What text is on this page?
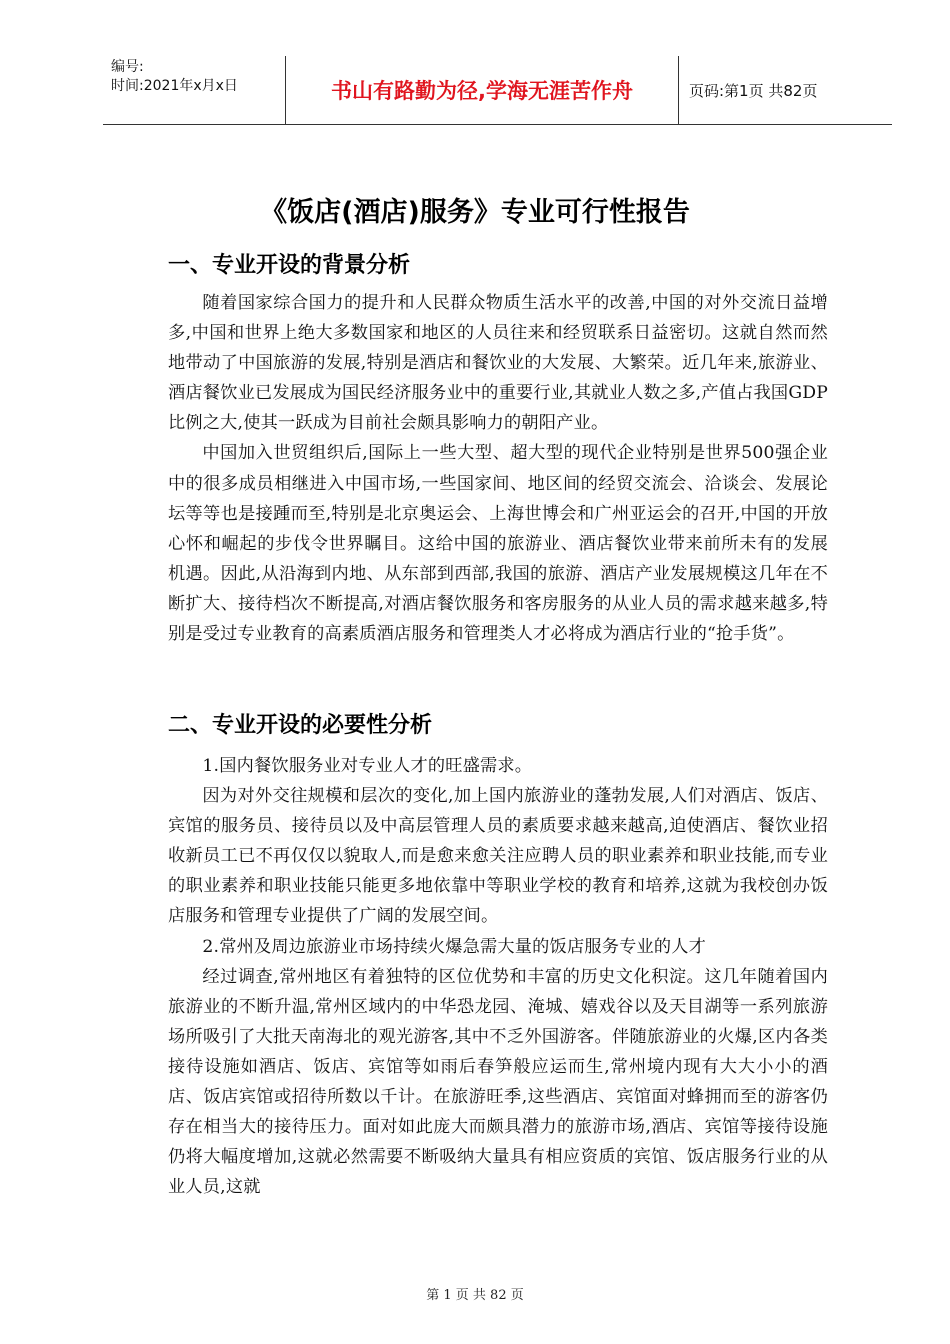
编号:
时间:2021年x月x日	书山有路勤为径,学海无涯苦作舟	页码:第1页 共82页
《饭店(酒店)服务》专业可行性报告
一、专业开设的背景分析

随着国家综合国力的提升和人民群众物质生活水平的改善,中国的对外交流日益增多,中国和世界上绝大多数国家和地区的人员往来和经贸联系日益密切。这就自然而然地带动了中国旅游的发展,特别是酒店和餐饮业的大发展、大繁荣。近几年来,旅游业、酒店餐饮业已发展成为国民经济服务业中的重要行业,其就业人数之多,产值占我国GDP比例之大,使其一跃成为目前社会颇具影响力的朝阳产业。

中国加入世贸组织后,国际上一些大型、超大型的现代企业特别是世界500强企业中的很多成员相继进入中国市场,一些国家间、地区间的经贸交流会、洽谈会、发展论坛等等也是接踵而至,特别是北京奥运会、上海世博会和广州亚运会的召开,中国的开放心怀和崛起的步伐令世界瞩目。这给中国的旅游业、酒店餐饮业带来前所未有的发展机遇。因此,从沿海到内地、从东部到西部,我国的旅游、酒店产业发展规模这几年在不断扩大、接待档次不断提高,对酒店餐饮服务和客房服务的从业人员的需求越来越多,特别是受过专业教育的高素质酒店服务和管理类人才必将成为酒店行业的“抢手货”。

二、专业开设的必要性分析

1.国内餐饮服务业对专业人才的旺盛需求。

因为对外交往规模和层次的变化,加上国内旅游业的蓬勃发展,人们对酒店、饭店、宾馆的服务员、接待员以及中高层管理人员的素质要求越来越高,迫使酒店、餐饮业招收新员工已不再仅仅以貌取人,而是愈来愈关注应聘人员的职业素养和职业技能,而专业的职业素养和职业技能只能更多地依靠中等职业学校的教育和培养,这就为我校创办饭店服务和管理专业提供了广阔的发展空间。

2.常州及周边旅游业市场持续火爆急需大量的饭店服务专业的人才

经过调查,常州地区有着独特的区位优势和丰富的历史文化积淀。这几年随着国内旅游业的不断升温,常州区域内的中华恐龙园、淹城、嬉戏谷以及天目湖等一系列旅游场所吸引了大批天南海北的观光游客,其中不乏外国游客。伴随旅游业的火爆,区内各类接待设施如酒店、饭店、宾馆等如雨后春笋般应运而生,常州境内现有大大小小的酒店、饭店宾馆或招待所数以千计。在旅游旺季,这些酒店、宾馆面对蜂拥而至的游客仍存在相当大的接待压力。面对如此庞大而颇具潜力的旅游市场,酒店、宾馆等接待设施仍将大幅度增加,这就必然需要不断吸纳大量具有相应资质的宾馆、饭店服务行业的从业人员,这就

第 1 页 共 82 页
